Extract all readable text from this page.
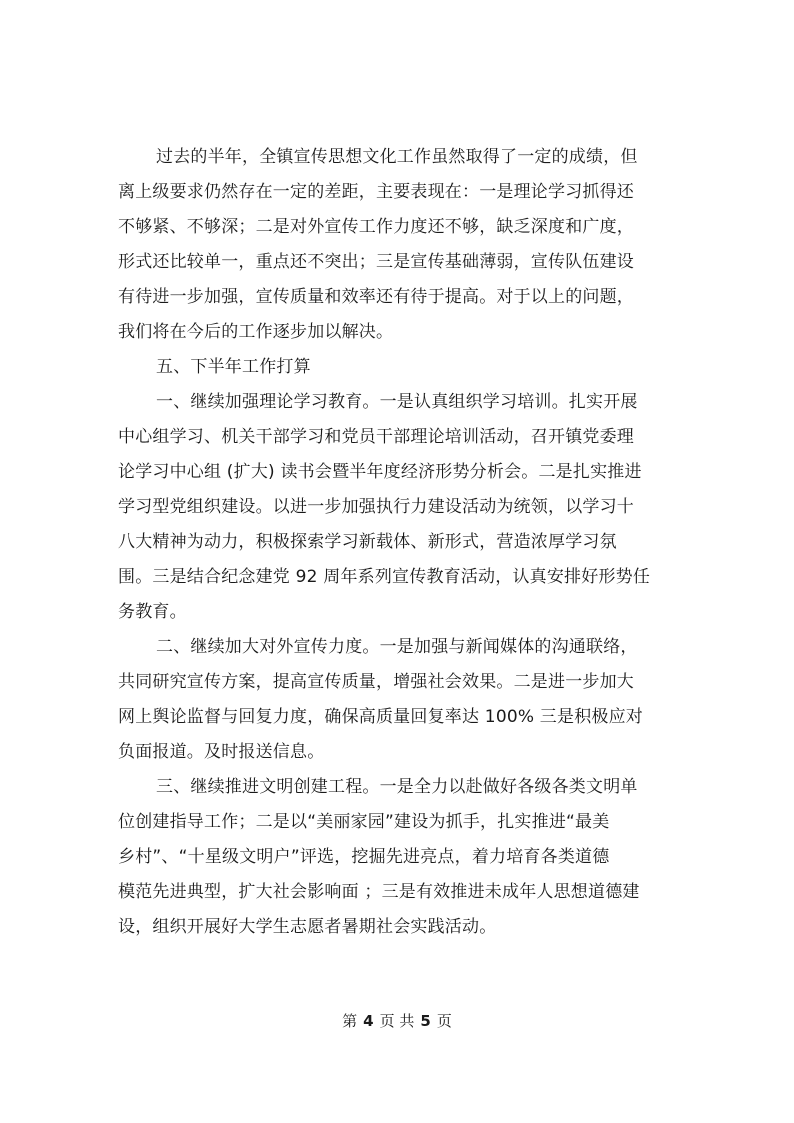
过去的半年，全镇宣传思想文化工作虽然取得了一定的成绩，但
离上级要求仍然存在一定的差距，主要表现在：一是理论学习抓得还
不够紧、不够深；二是对外宣传工作力度还不够，缺乏深度和广度，
形式还比较单一，重点还不突出；三是宣传基础薄弱，宣传队伍建设
有待进一步加强，宣传质量和效率还有待于提高。对于以上的问题，
我们将在今后的工作逐步加以解决。
五、下半年工作打算
一、继续加强理论学习教育。一是认真组织学习培训。扎实开展
中心组学习、机关干部学习和党员干部理论培训活动，召开镇党委理
论学习中心组 (扩大) 读书会暨半年度经济形势分析会。二是扎实推进
学习型党组织建设。以进一步加强执行力建设活动为统领，以学习十
八大精神为动力，积极探索学习新载体、新形式，营造浓厚学习氛
围。三是结合纪念建党 92 周年系列宣传教育活动，认真安排好形势任
务教育。
二、继续加大对外宣传力度。一是加强与新闻媒体的沟通联络，
共同研究宣传方案，提高宣传质量，增强社会效果。二是进一步加大
网上舆论监督与回复力度，确保高质量回复率达 100% 三是积极应对
负面报道。及时报送信息。
三、继续推进文明创建工程。一是全力以赴做好各级各类文明单
位创建指导工作；二是以“美丽家园”建设为抓手，扎实推进“最美
乡村”、“十星级文明户”评选，挖掘先进亮点，着力培育各类道德
模范先进典型，扩大社会影响面 ；三是有效推进未成年人思想道德建
设，组织开展好大学生志愿者暑期社会实践活动。
第 4 页 共 5 页
